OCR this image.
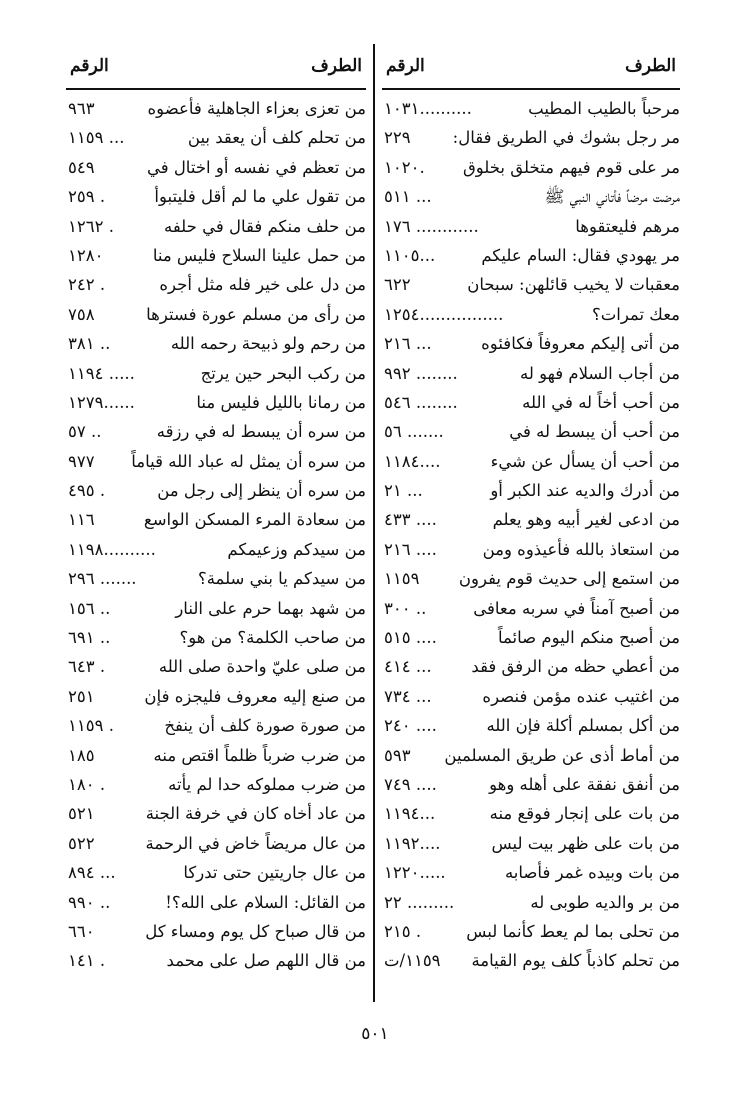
الطرف
الرقم
مرحباً بالطيب المطيب
..........١٠٣١
مر رجل بشوك في الطريق فقال:
٢٢٩
مر على قوم فيهم متخلق بخلوق
.١٠٢٠
مرضت مرضاً فأتاني النبي ﷺ
... ٥١١
مرهم فليعتقوها
............ ١٧٦
مر يهودي فقال: السام عليكم
...١١٠٥
معقبات لا يخيب قائلهن: سبحان
٦٢٢
معك تمرات؟
................١٢٥٤
من أتى إليكم معروفاً فكافئوه
... ٢١٦
من أجاب السلام فهو له
........ ٩٩٢
من أحب أخاً له في الله
........ ٥٤٦
من أحب أن يبسط له في
....... ٥٦
من أحب أن يسأل عن شيء
....١١٨٤
من أدرك والديه عند الكبر أو
... ٢١
من ادعى لغير أبيه وهو يعلم
.... ٤٣٣
من استعاذ بالله فأعيذوه ومن
.... ٢١٦
من استمع إلى حديث قوم يفرون
١١٥٩
من أصبح آمناً في سربه معافى
.. ٣٠٠
من أصبح منكم اليوم صائماً
.... ٥١٥
من أعطي حظه من الرفق فقد
... ٤١٤
من اغتيب عنده مؤمن فنصره
... ٧٣٤
من أكل بمسلم أكلة فإن الله
.... ٢٤٠
من أماط أذى عن طريق المسلمين
٥٩٣
من أنفق نفقة على أهله وهو
.... ٧٤٩
من بات على إنجار فوقع منه
...١١٩٤
من بات على ظهر بيت ليس
....١١٩٢
من بات وبيده غمر فأصابه
.....١٢٢٠
من بر والديه طوبى له
......... ٢٢
من تحلى بما لم يعط كأنما لبس
. ٢١٥
من تحلم كاذباً كلف يوم القيامة
١١٥٩/ت
الطرف
الرقم
من تعزى بعزاء الجاهلية فأعضوه
٩٦٣
من تحلم كلف أن يعقد بين
... ١١٥٩
من تعظم في نفسه أو اختال في
٥٤٩
من تقول علي ما لم أقل فليتبوأ
. ٢٥٩
من حلف منكم فقال في حلفه
. ١٢٦٢
من حمل علينا السلاح فليس منا
١٢٨٠
من دل على خير فله مثل أجره
. ٢٤٢
من رأى من مسلم عورة فسترها
٧٥٨
من رحم ولو ذبيحة رحمه الله
.. ٣٨١
من ركب البحر حين يرتج
..... ١١٩٤
من رمانا بالليل فليس منا
......١٢٧٩
من سره أن يبسط له في رزقه
.. ٥٧
من سره أن يمثل له عباد الله قياماً
٩٧٧
من سره أن ينظر إلى رجل من
. ٤٩٥
من سعادة المرء المسكن الواسع
١١٦
من سيدكم وزعيمكم
..........١١٩٨
من سيدكم يا بني سلمة؟
....... ٢٩٦
من شهد بهما حرم على النار
.. ١٥٦
من صاحب الكلمة؟ من هو؟
.. ٦٩١
من صلى عليّ واحدة صلى الله
. ٦٤٣
من صنع إليه معروف فليجزه فإن
٢٥١
من صورة صورة كلف أن ينفخ
. ١١٥٩
من ضرب ضرباً ظلماً اقتص منه
١٨٥
من ضرب مملوكه حدا لم يأته
. ١٨٠
من عاد أخاه كان في خرفة الجنة
٥٢١
من عال مريضاً خاض في الرحمة
٥٢٢
من عال جاريتين حتى تدركا
... ٨٩٤
من القائل: السلام على الله؟!
.. ٩٩٠
من قال صباح كل يوم ومساء كل
٦٦٠
من قال اللهم صل على محمد
. ١٤١
٥٠١
